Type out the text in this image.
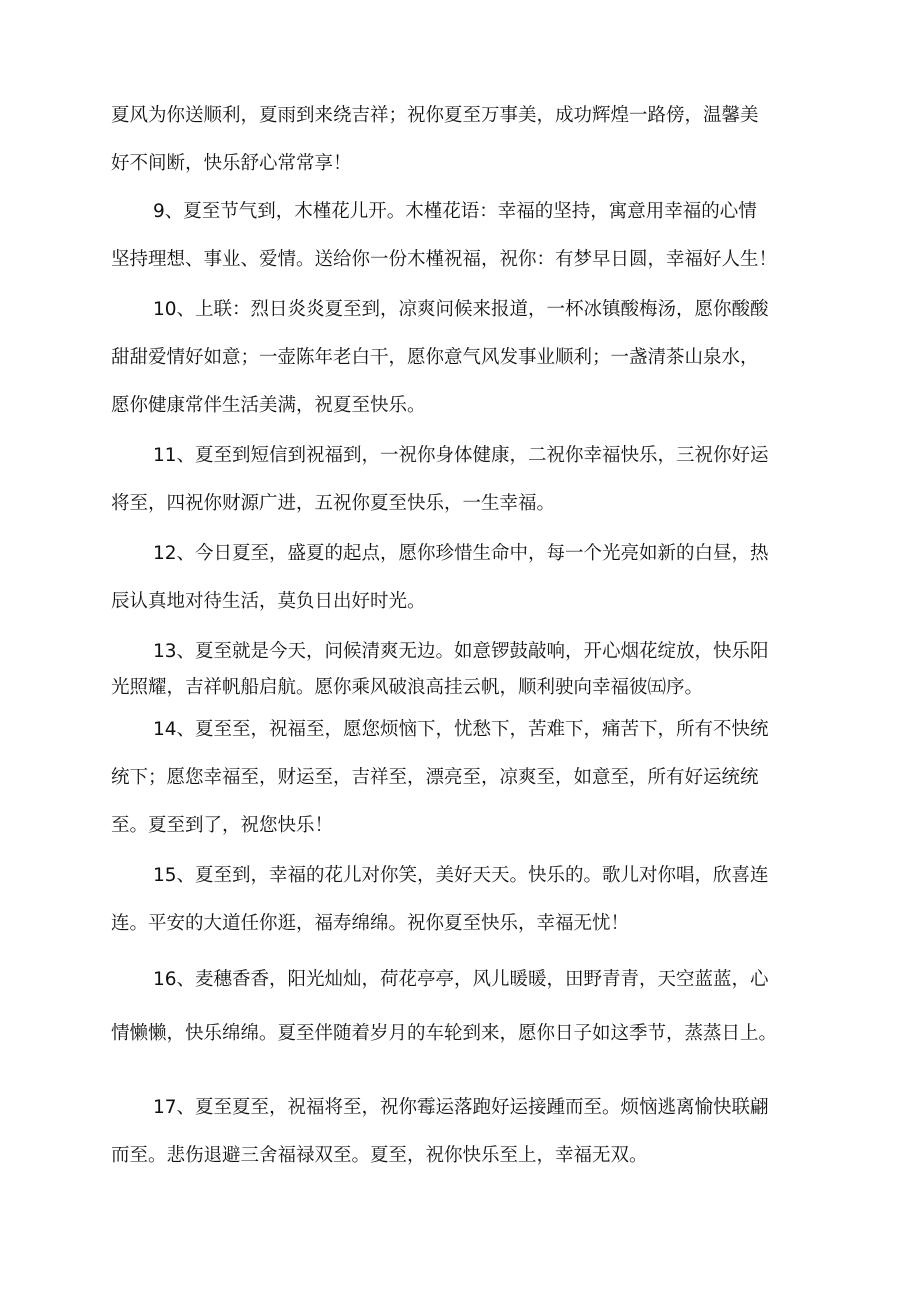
夏风为你送顺利，夏雨到来绕吉祥；祝你夏至万事美，成功辉煌一路傍，温馨美
好不间断，快乐舒心常常享！
9、夏至节气到，木槿花儿开。木槿花语：幸福的坚持，寓意用幸福的心情
坚持理想、事业、爱情。送给你一份木槿祝福，祝你：有梦早日圆，幸福好人生！
10、上联：烈日炎炎夏至到，凉爽问候来报道，一杯冰镇酸梅汤，愿你酸酸
甜甜爱情好如意；一壶陈年老白干，愿你意气风发事业顺利；一盏清茶山泉水，
愿你健康常伴生活美满，祝夏至快乐。
11、夏至到短信到祝福到，一祝你身体健康，二祝你幸福快乐，三祝你好运
将至，四祝你财源广进，五祝你夏至快乐，一生幸福。
12、今日夏至，盛夏的起点，愿你珍惜生命中，每一个光亮如新的白昼，热
辰认真地对待生活，莫负日出好时光。
13、夏至就是今天，问候清爽无边。如意锣鼓敲响，开心烟花绽放，快乐阳
光照耀，吉祥帆船启航。愿你乘风破浪高挂云帆，顺利驶向幸福彼㈤序。
14、夏至至，祝福至，愿您烦恼下，忧愁下，苦难下，痛苦下，所有不快统
统下；愿您幸福至，财运至，吉祥至，漂亮至，凉爽至，如意至，所有好运统统
至。夏至到了，祝您快乐！
15、夏至到，幸福的花儿对你笑，美好天天。快乐的。歌儿对你唱，欣喜连
连。平安的大道任你逛，福寿绵绵。祝你夏至快乐，幸福无忧！
16、麦穗香香，阳光灿灿，荷花亭亭，风儿暖暖，田野青青，天空蓝蓝，心
情懒懒，快乐绵绵。夏至伴随着岁月的车轮到来，愿你日子如这季节，蒸蒸日上。
17、夏至夏至，祝福将至，祝你霉运落跑好运接踵而至。烦恼逃离愉快联翩
而至。悲伤退避三舍福禄双至。夏至，祝你快乐至上，幸福无双。
